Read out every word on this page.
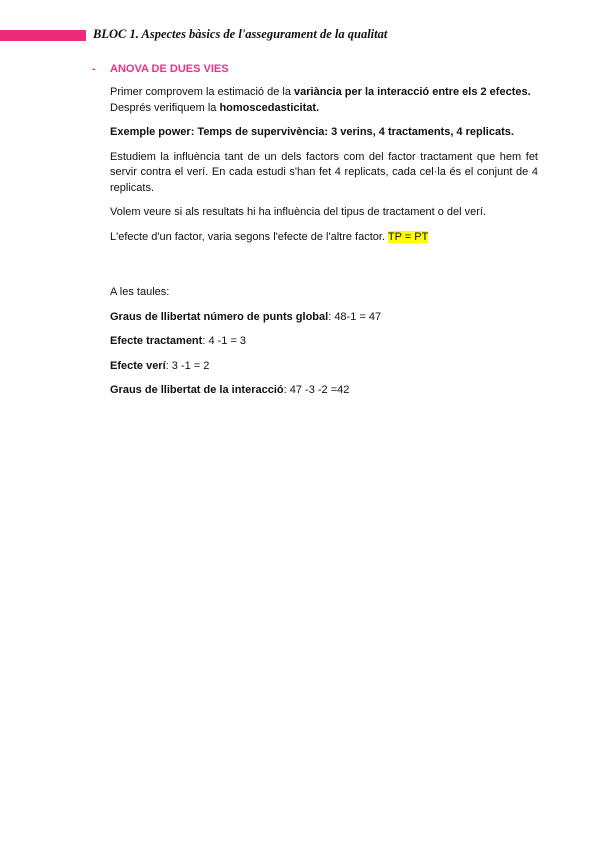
BLOC 1. Aspectes bàsics de l'assegurament de la qualitat
- ANOVA DE DUES VIES

Primer comprovem la estimació de la variància per la interacció entre els 2 efectes.
Després verifiquem la homoscedasticitat.

Exemple power: Temps de supervivència: 3 verins, 4 tractaments, 4 replicats.

Estudiem la influència tant de un dels factors com del factor tractament que hem fet servir contra el verí. En cada estudi s'han fet 4 replicats, cada cel·la és el conjunt de 4 replicats.

Volem veure si als resultats hi ha influència del tipus de tractament o del verí.

L'efecte d'un factor, varia segons l'efecte de l'altre factor. TP = PT

A les taules:

Graus de llibertat número de punts global: 48-1 = 47

Efecte tractament: 4 -1 = 3

Efecte verí: 3 -1 = 2

Graus de llibertat de la interacció: 47 -3 -2 =42
